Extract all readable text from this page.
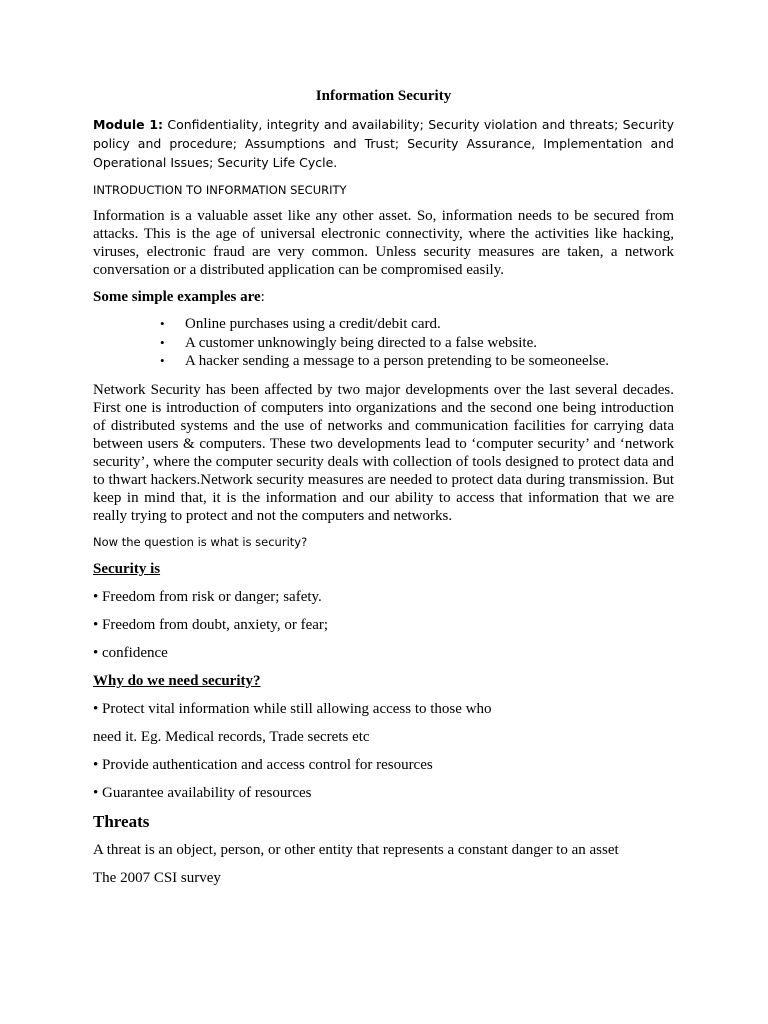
Information Security

Module 1: Confidentiality, integrity and availability; Security violation and threats; Security policy and procedure; Assumptions and Trust; Security Assurance, Implementation and Operational Issues; Security Life Cycle.

INTRODUCTION TO INFORMATION SECURITY

Information is a valuable asset like any other asset. So, information needs to be secured from attacks. This is the age of universal electronic connectivity, where the activities like hacking, viruses, electronic fraud are very common. Unless security measures are taken, a network conversation or a distributed application can be compromised easily.

Some simple examples are:

• Online purchases using a credit/debit card.
• A customer unknowingly being directed to a false website.
• A hacker sending a message to a person pretending to be someoneelse.

Network Security has been affected by two major developments over the last several decades. First one is introduction of computers into organizations and the second one being introduction of distributed systems and the use of networks and communication facilities for carrying data between users & computers. These two developments lead to ‘computer security’ and ‘network security’, where the computer security deals with collection of tools designed to protect data and to thwart hackers.Network security measures are needed to protect data during transmission. But keep in mind that, it is the information and our ability to access that information that we are really trying to protect and not the computers and networks.

Now the question is what is security?

Security is

• Freedom from risk or danger; safety.

• Freedom from doubt, anxiety, or fear;

• confidence

Why do we need security?

• Protect vital information while still allowing access to those who

need it. Eg. Medical records, Trade secrets etc

• Provide authentication and access control for resources

• Guarantee availability of resources

Threats

A threat is an object, person, or other entity that represents a constant danger to an asset

The 2007 CSI survey
